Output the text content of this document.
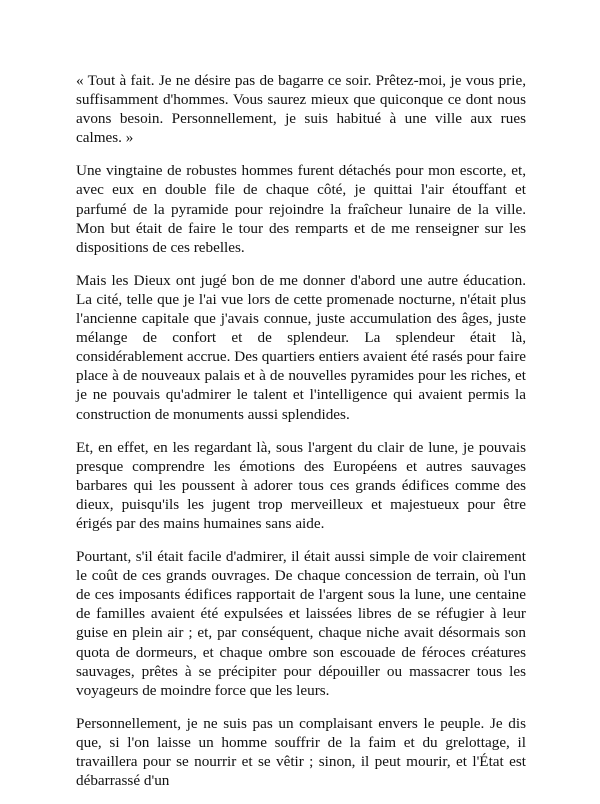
« Tout à fait. Je ne désire pas de bagarre ce soir. Prêtez-moi, je vous prie, suffisamment d'hommes. Vous saurez mieux que quiconque ce dont nous avons besoin. Personnellement, je suis habitué à une ville aux rues calmes. »

Une vingtaine de robustes hommes furent détachés pour mon escorte, et, avec eux en double file de chaque côté, je quittai l'air étouffant et parfumé de la pyramide pour rejoindre la fraîcheur lunaire de la ville. Mon but était de faire le tour des remparts et de me renseigner sur les dispositions de ces rebelles.

Mais les Dieux ont jugé bon de me donner d'abord une autre éducation. La cité, telle que je l'ai vue lors de cette promenade nocturne, n'était plus l'ancienne capitale que j'avais connue, juste accumulation des âges, juste mélange de confort et de splendeur. La splendeur était là, considérablement accrue. Des quartiers entiers avaient été rasés pour faire place à de nouveaux palais et à de nouvelles pyramides pour les riches, et je ne pouvais qu'admirer le talent et l'intelligence qui avaient permis la construction de monuments aussi splendides.

Et, en effet, en les regardant là, sous l'argent du clair de lune, je pouvais presque comprendre les émotions des Européens et autres sauvages barbares qui les poussent à adorer tous ces grands édifices comme des dieux, puisqu'ils les jugent trop merveilleux et majestueux pour être érigés par des mains humaines sans aide.

Pourtant, s'il était facile d'admirer, il était aussi simple de voir clairement le coût de ces grands ouvrages. De chaque concession de terrain, où l'un de ces imposants édifices rapportait de l'argent sous la lune, une centaine de familles avaient été expulsées et laissées libres de se réfugier à leur guise en plein air ; et, par conséquent, chaque niche avait désormais son quota de dormeurs, et chaque ombre son escouade de féroces créatures sauvages, prêtes à se précipiter pour dépouiller ou massacrer tous les voyageurs de moindre force que les leurs.

Personnellement, je ne suis pas un complaisant envers le peuple. Je dis que, si l'on laisse un homme souffrir de la faim et du grelottage, il travaillera pour se nourrir et se vêtir ; sinon, il peut mourir, et l'État est débarrassé d'un
